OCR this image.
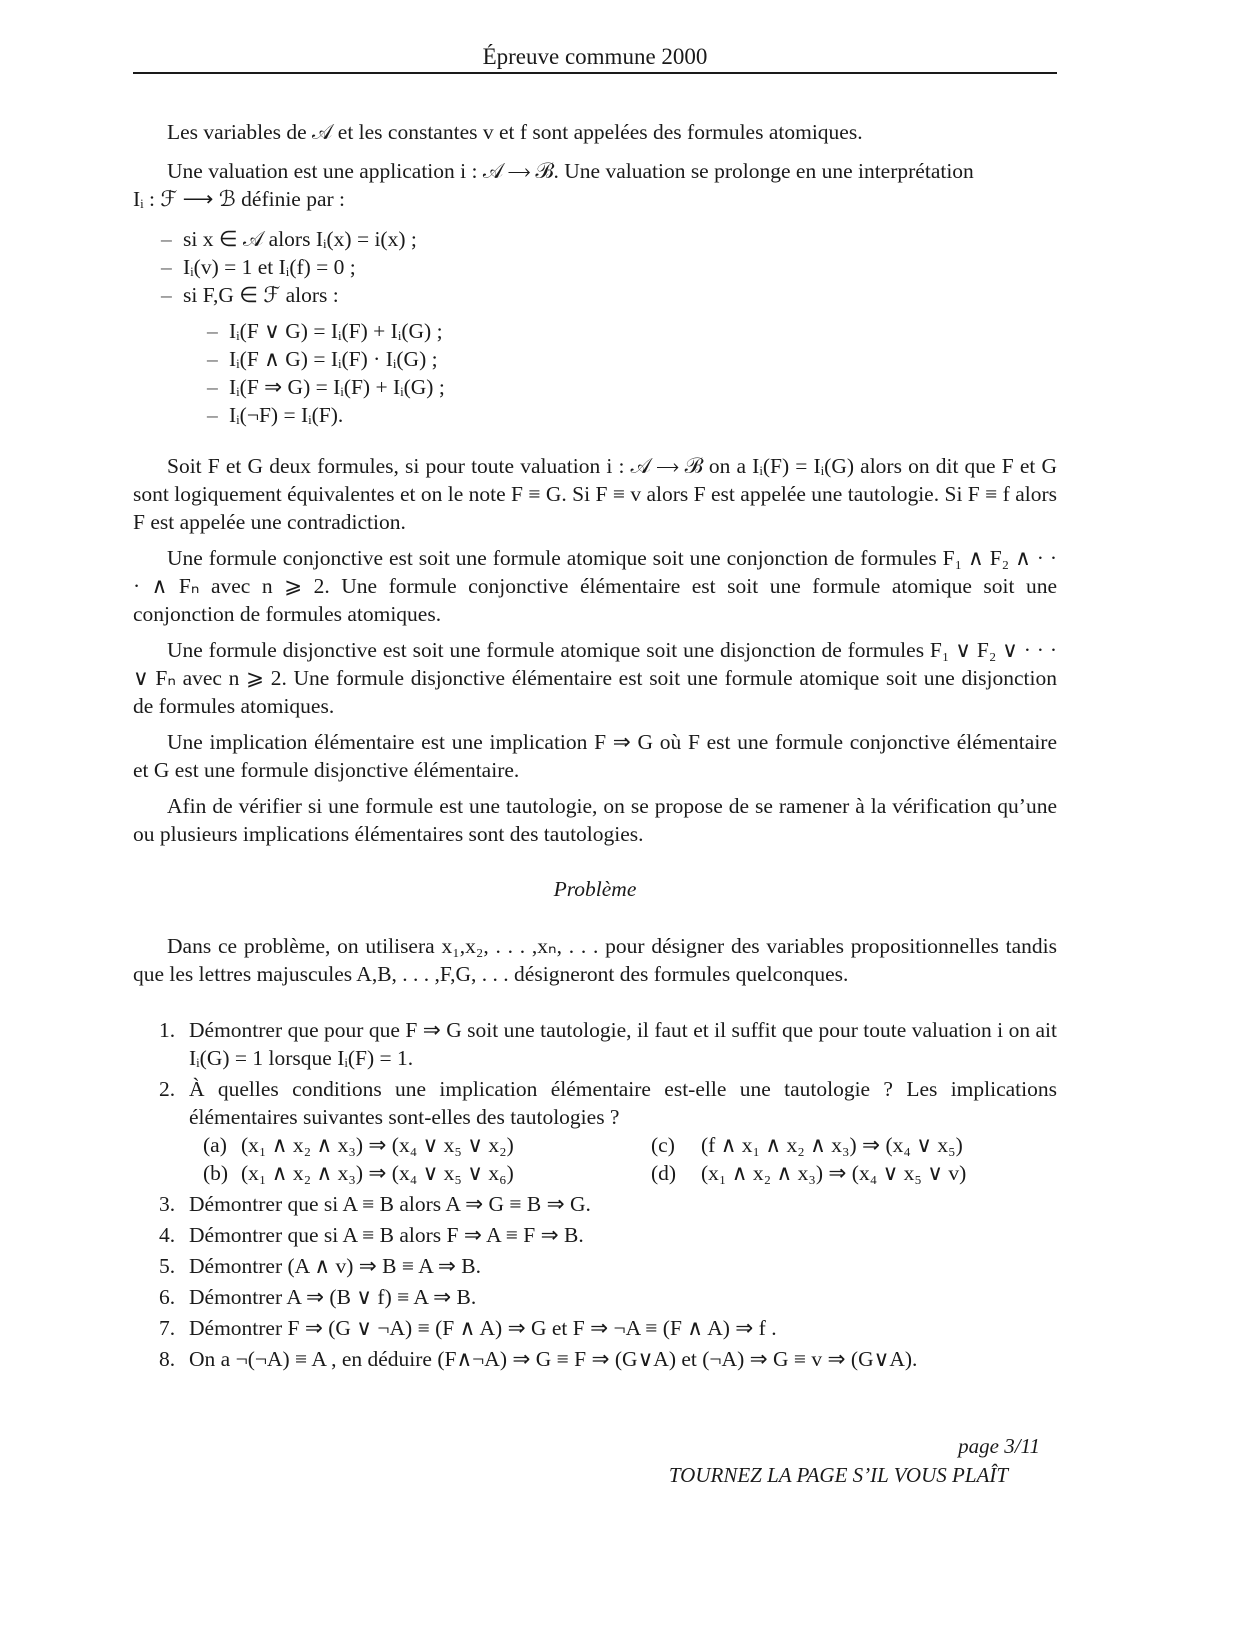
Épreuve commune 2000
Les variables de 𝒜 et les constantes v et f sont appelées des formules atomiques.
Une valuation est une application i : 𝒜 ⟶ ℬ. Une valuation se prolonge en une interprétation
Iᵢ : ℱ ⟶ ℬ définie par :
– si x ∈ 𝒜 alors Iᵢ(x) = i(x) ;
– Iᵢ(v) = 1 et Iᵢ(f) = 0 ;
– si F,G ∈ ℱ alors :
– Iᵢ(F ∨ G) = Iᵢ(F) + Iᵢ(G) ;
– Iᵢ(F ∧ G) = Iᵢ(F) · Iᵢ(G) ;
– Iᵢ(F ⇒ G) = Iᵢ(F) + Iᵢ(G) ;
– Iᵢ(¬F) = Iᵢ(F).
Soit F et G deux formules, si pour toute valuation i : 𝒜 ⟶ ℬ on a Iᵢ(F) = Iᵢ(G) alors on dit que F et G sont logiquement équivalentes et on le note F ≡ G. Si F ≡ v alors F est appelée une tautologie. Si F ≡ f alors F est appelée une contradiction.
Une formule conjonctive est soit une formule atomique soit une conjonction de formules F₁ ∧ F₂ ∧ · · · ∧ Fₙ avec n ⩾ 2. Une formule conjonctive élémentaire est soit une formule atomique soit une conjonction de formules atomiques.
Une formule disjonctive est soit une formule atomique soit une disjonction de formules F₁ ∨ F₂ ∨ · · · ∨ Fₙ avec n ⩾ 2. Une formule disjonctive élémentaire est soit une formule atomique soit une disjonction de formules atomiques.
Une implication élémentaire est une implication F ⇒ G où F est une formule conjonctive élémentaire et G est une formule disjonctive élémentaire.
Afin de vérifier si une formule est une tautologie, on se propose de se ramener à la vérification qu’une ou plusieurs implications élémentaires sont des tautologies.
Problème
Dans ce problème, on utilisera x₁,x₂, . . . ,xₙ, . . . pour désigner des variables propositionnelles tandis que les lettres majuscules A,B, . . . ,F,G, . . . désigneront des formules quelconques.
1. Démontrer que pour que F ⇒ G soit une tautologie, il faut et il suffit que pour toute valuation i on ait Iᵢ(G) = 1 lorsque Iᵢ(F) = 1.
2. À quelles conditions une implication élémentaire est-elle une tautologie ? Les implications élémentaires suivantes sont-elles des tautologies ?
(a) (x₁ ∧ x₂ ∧ x₃) ⇒ (x₄ ∨ x₅ ∨ x₂)	(c)	(f ∧ x₁ ∧ x₂ ∧ x₃) ⇒ (x₄ ∨ x₅)
(b) (x₁ ∧ x₂ ∧ x₃) ⇒ (x₄ ∨ x₅ ∨ x₆)	(d)	(x₁ ∧ x₂ ∧ x₃) ⇒ (x₄ ∨ x₅ ∨ v)
3. Démontrer que si A ≡ B alors A ⇒ G ≡ B ⇒ G.
4. Démontrer que si A ≡ B alors F ⇒ A ≡ F ⇒ B.
5. Démontrer (A ∧ v) ⇒ B ≡ A ⇒ B.
6. Démontrer A ⇒ (B ∨ f) ≡ A ⇒ B.
7. Démontrer F ⇒ (G ∨ ¬A) ≡ (F ∧ A) ⇒ G et F ⇒ ¬A ≡ (F ∧ A) ⇒ f .
8. On a ¬(¬A) ≡ A , en déduire (F∧¬A) ⇒ G ≡ F ⇒ (G∨A) et (¬A) ⇒ G ≡ v ⇒ (G∨A).
page 3/11
TOURNEZ LA PAGE S’IL VOUS PLAÎT
